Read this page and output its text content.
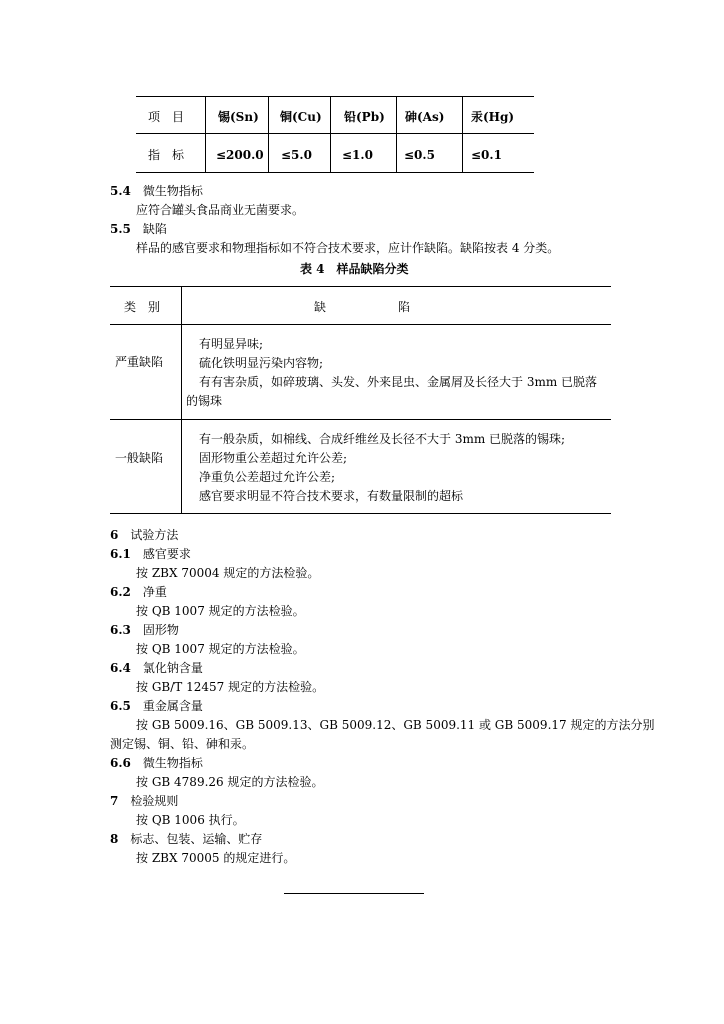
项　目	锡(Sn) 铜(Cu) 铅(Pb) 砷(As) 汞(Hg)
指　标	≤200.0 ≤5.0	≤1.0	≤0.5	≤0.1
5.4　 微生物指标
应符合罐头食品商业无菌要求。
5.5　 缺陷
样品的感官要求和物理指标如不符合技术要求，应计作缺陷。缺陷按表 4 分类。
表 4　样品缺陷分类
类　别	缺　　　　　　陷
严重缺陷
有明显异味;
硫化铁明显污染内容物;
有有害杂质，如碎玻璃、头发、外来昆虫、金属屑及长径大于 3mm 已脱落
的锡珠
一般缺陷
有一般杂质，如棉线、合成纤维丝及长径不大于 3mm 已脱落的锡珠;
固形物重公差超过允许公差;
净重负公差超过允许公差;
感官要求明显不符合技术要求，有数量限制的超标
6　 试验方法
6.1　 感官要求
按 ZBX 70004 规定的方法检验。
6.2　 净重
按 QB 1007 规定的方法检验。
6.3　 固形物
按 QB 1007 规定的方法检验。
6.4　 氯化钠含量
按 GB/T 12457 规定的方法检验。
6.5　 重金属含量
按 GB 5009.16、GB 5009.13、GB 5009.12、GB 5009.11 或 GB 5009.17 规定的方法分别
测定锡、铜、铅、砷和汞。
6.6　 微生物指标
按 GB 4789.26 规定的方法检验。
7　 检验规则
按 QB 1006 执行。
8　 标志、包装、运输、贮存
按 ZBX 70005 的规定进行。
